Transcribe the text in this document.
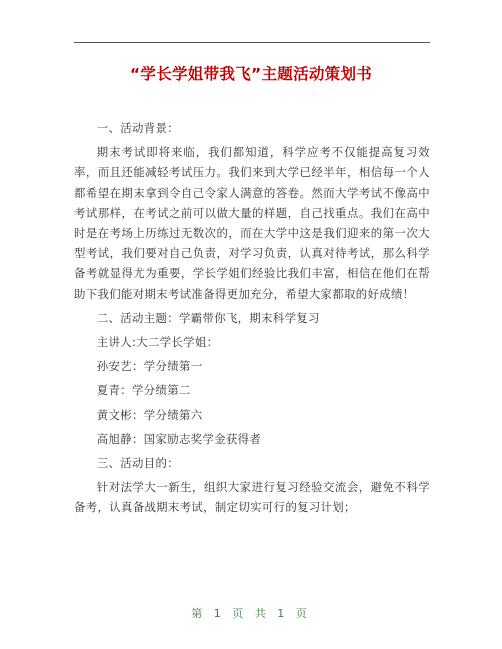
“学长学姐带我飞”主题活动策划书

一、活动背景：

期末考试即将来临，我们都知道，科学应考不仅能提高复习效率，而且还能减轻考试压力。我们来到大学已经半年，相信每一个人都希望在期末拿到令自己令家人满意的答卷。然而大学考试不像高中考试那样，在考试之前可以做大量的样题，自己找重点。我们在高中时是在考场上历练过无数次的，而在大学中这是我们迎来的第一次大型考试，我们要对自己负责，对学习负责，认真对待考试，那么科学备考就显得尤为重要，学长学姐们经验比我们丰富，相信在他们在帮助下我们能对期末考试准备得更加充分，希望大家都取的好成绩！

二、活动主题：学霸带你飞，期末科学复习

主讲人:大二学长学姐：

孙安艺：学分绩第一

夏青：学分绩第二

黄文彬：学分绩第六

高旭静：国家励志奖学金获得者

三、活动目的：

针对法学大一新生，组织大家进行复习经验交流会，避免不科学备考，认真备战期末考试，制定切实可行的复习计划；

第 1 页 共 1 页
